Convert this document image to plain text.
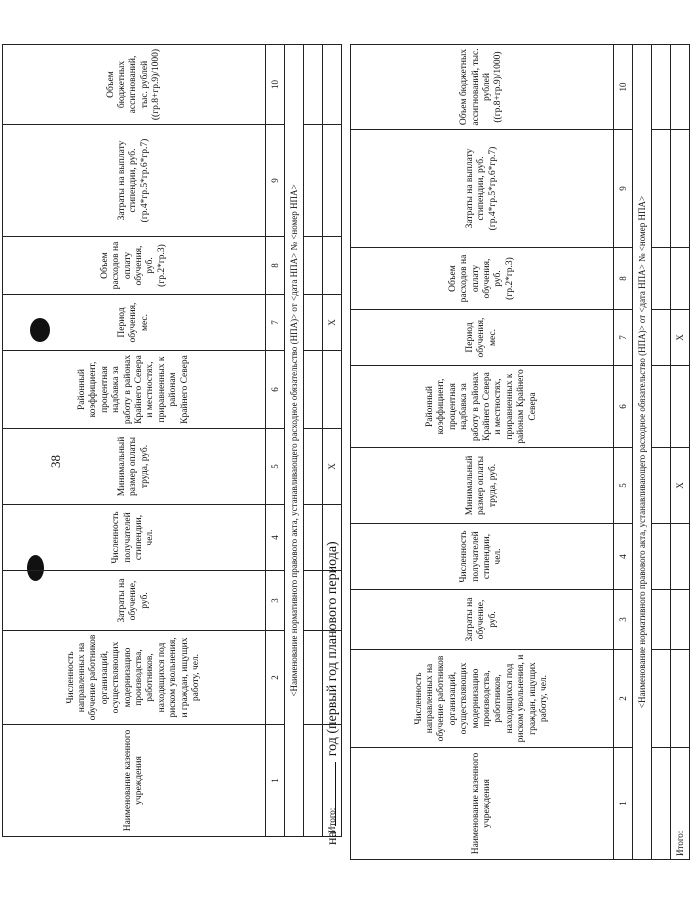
38
Наименование казенного учреждения	Численность направленных на обучение работников организаций, осуществляющих модернизацию производства, работников, находящихся под риском увольнения, и граждан, ищущих работу, чел.	Затраты на обучение, руб.	Численность получателей стипендии, чел.	Минимальный размер оплаты труда, руб.	Районный коэффициент, процентная надбавка за работу в районах Крайнего Севера и местностях, приравненных к районам Крайнего Севера	Период обучения, мес.	Объем расходов на оплату обучения, руб. (гр.2*гр.3)	Затраты на выплату стипендии, руб. (гр.4*гр.5*гр.6*гр.7)	Объем бюджетных ассигнований, тыс. рублей ((гр.8+гр.9)/1000)
1	2	3	4	5	6	7	8	9	10
<Наименование нормативного правового акта, устанавливающего расходное обязательство (НПА)> от <дата НПА> № <номер НПА>									

Итого:				X		X			
на  год (первый год планового периода)
Наименование казенного учреждения	Численность направленных на обучение работников организаций, осуществляющих модернизацию производства, работников, находящихся под риском увольнения, и граждан, ищущих работу, чел.	Затраты на обучение, руб.	Численность получателей стипендии, чел.	Минимальный размер оплаты труда, руб.	Районный коэффициент, процентная надбавка за работу в районах Крайнего Севера и местностях, приравненных к районам Крайнего Севера	Период обучения, мес.	Объем расходов на оплату обучения, руб. (гр.2*гр.3)	Затраты на выплату стипендии, руб. (гр.4*гр.5*гр.6*гр.7)	Объем бюджетных ассигнований, тыс. рублей ((гр.8+гр.9)/1000)
1	2	3	4	5	6	7	8	9	10
<Наименование нормативного правового акта, устанавливающего расходное обязательство (НПА)> от <дата НПА> № <номер НПА>									

Итого:				X		X			
